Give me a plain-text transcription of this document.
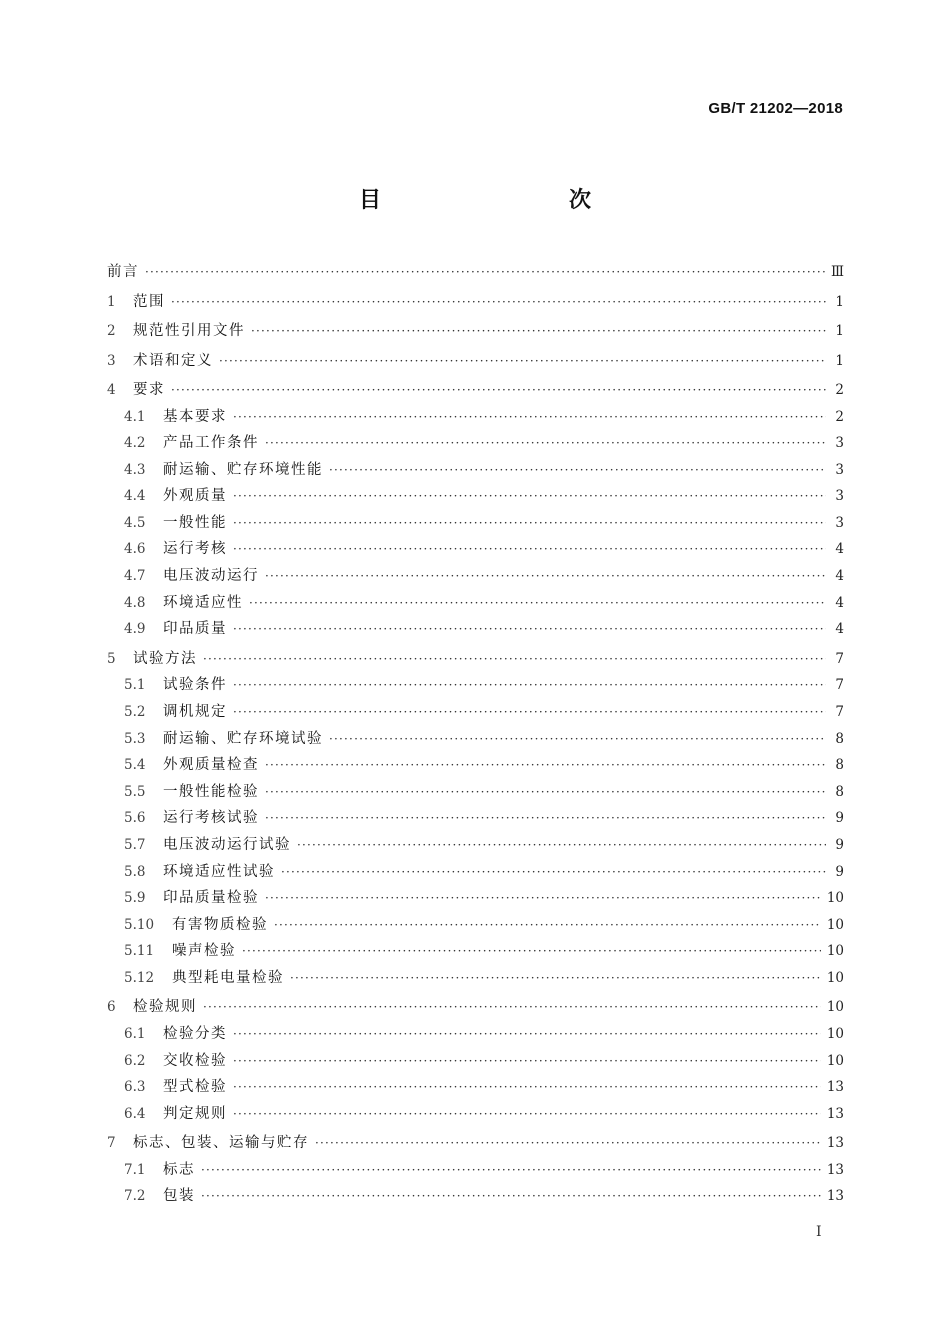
GB/T 21202—2018
目　　次
前言 ·····	Ⅲ
1	范围 ·····	1
2	规范性引用文件 ·····	1
3	术语和定义 ·····	1
4	要求 ·····	2
4.1	基本要求 ·····	2
4.2	产品工作条件 ·····	3
4.3	耐运输、贮存环境性能 ·····	3
4.4	外观质量 ·····	3
4.5	一般性能 ·····	3
4.6	运行考核 ·····	4
4.7	电压波动运行 ·····	4
4.8	环境适应性 ·····	4
4.9	印品质量 ·····	4
5	试验方法 ·····	7
5.1	试验条件 ·····	7
5.2	调机规定 ·····	7
5.3	耐运输、贮存环境试验 ·····	8
5.4	外观质量检查 ·····	8
5.5	一般性能检验 ·····	8
5.6	运行考核试验 ·····	9
5.7	电压波动运行试验 ·····	9
5.8	环境适应性试验 ·····	9
5.9	印品质量检验 ·····	10
5.10	有害物质检验 ·····	10
5.11	噪声检验 ·····	10
5.12	典型耗电量检验 ·····	10
6	检验规则 ·····	10
6.1	检验分类 ·····	10
6.2	交收检验 ·····	10
6.3	型式检验 ·····	13
6.4	判定规则 ·····	13
7	标志、包装、运输与贮存 ·····	13
7.1	标志 ·····	13
7.2	包装 ·····	13
I
